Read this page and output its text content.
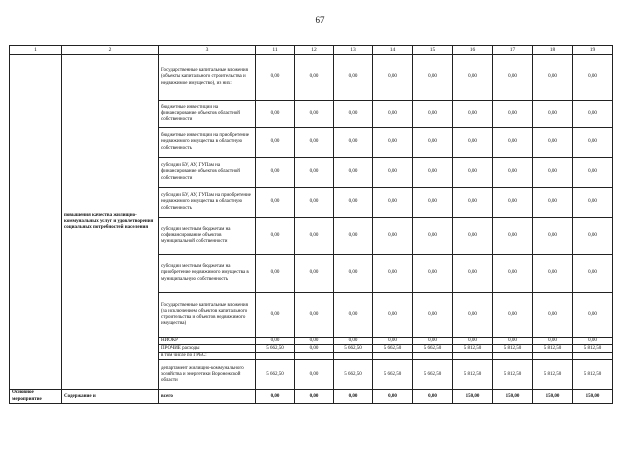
67
1	2	3	11	12	13	14	15	16	17	18	19
	повышения качества жилищно-коммунальных услуг и удовлетворения социальных потребностей населения	Государственные капитальные вложения (объекты капитального строительства и недвижимое имущество), из них:	0,00	0,00	0,00	0,00	0,00	0,00	0,00	0,00	0,00
		бюджетные инвестиции на финансирование объектов областной собственности	0,00	0,00	0,00	0,00	0,00	0,00	0,00	0,00	0,00
		бюджетные инвестиции на приобретение недвижимого имущества в областную собственность	0,00	0,00	0,00	0,00	0,00	0,00	0,00	0,00	0,00
		субсидии БУ, АУ, ГУПам на финансирование объектов областной собственности	0,00	0,00	0,00	0,00	0,00	0,00	0,00	0,00	0,00
		субсидии БУ, АУ, ГУПам на приобретение недвижимого имущества в областную собственность	0,00	0,00	0,00	0,00	0,00	0,00	0,00	0,00	0,00
		субсидии местным бюджетам на софинансирование объектов муниципальной собственности	0,00	0,00	0,00	0,00	0,00	0,00	0,00	0,00	0,00
		субсидии местным бюджетам на приобретение недвижимого имущества в муниципальную собственность	0,00	0,00	0,00	0,00	0,00	0,00	0,00	0,00	0,00
		Государственные капитальные вложения (за исключением объектов капитального строительства и объектов недвижимого имущества)	0,00	0,00	0,00	0,00	0,00	0,00	0,00	0,00	0,00
		НИОКР	0,00	0,00	0,00	0,00	0,00	0,00	0,00	0,00	0,00
		ПРОЧИЕ расходы	5 662,50	0,00	5 662,50	5 662,50	5 662,50	5 812,50	5 812,50	5 812,50	5 812,50
		в том числе по ГРБС:									
		департамент жилищно-коммунального хозяйства и энергетики Воронежской области	5 662,50	0,00	5 662,50	5 662,50	5 662,50	5 812,50	5 812,50	5 812,50	5 812,50
Основное мероприятие	Содержание и	всего	0,00	0,00	0,00	0,00	0,00	150,00	150,00	150,00	150,00
